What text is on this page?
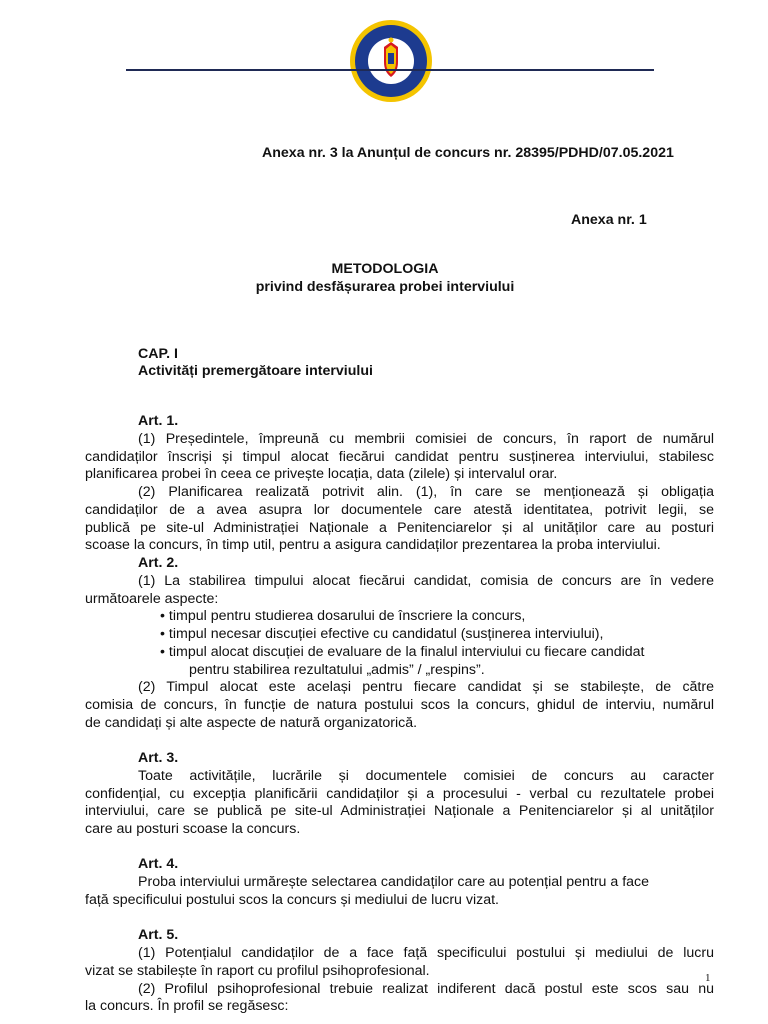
Anexa nr. 3 la Anunțul de concurs nr. 28395/PDHD/07.05.2021
Anexa nr. 1
METODOLOGIA
privind desfășurarea probei interviului
CAP. I
Activități premergătoare interviului
Art. 1.
(1) Președintele, împreună cu membrii comisiei de concurs, în raport de numărul
candidaților înscriși și timpul alocat fiecărui candidat pentru susținerea interviului, stabilesc
planificarea probei în ceea ce privește locația, data (zilele) și intervalul orar.
(2) Planificarea realizată potrivit alin. (1), în care se menționează și obligația
candidaților de a avea asupra lor documentele care atestă identitatea, potrivit legii, se
publică pe site-ul Administrației Naționale a Penitenciarelor și al unităților care au posturi
scoase la concurs, în timp util, pentru a asigura candidaților prezentarea la proba interviului.
Art. 2.
(1) La stabilirea timpului alocat fiecărui candidat, comisia de concurs are în vedere
următoarele aspecte:
• timpul pentru studierea dosarului de înscriere la concurs,
• timpul necesar discuției efective cu candidatul (susținerea interviului),
• timpul alocat discuției de evaluare de la finalul interviului cu fiecare candidat
pentru stabilirea rezultatului „admis” / „respins”.
(2) Timpul alocat este același pentru fiecare candidat și se stabilește, de către
comisia de concurs, în funcție de natura postului scos la concurs, ghidul de interviu, numărul
de candidați și alte aspecte de natură organizatorică.
Art. 3.
Toate activitățile, lucrările și documentele comisiei de concurs au caracter
confidențial, cu excepția planificării candidaților și a procesului - verbal cu rezultatele probei
interviului, care se publică pe site-ul Administrației Naționale a Penitenciarelor și al unităților
care au posturi scoase la concurs.
Art. 4.
Proba interviului urmărește selectarea candidaților care au potențial pentru a face
față specificului postului scos la concurs și mediului de lucru vizat.
Art. 5.
(1) Potențialul candidaților de a face față specificului postului și mediului de lucru
vizat se stabilește în raport cu profilul psihoprofesional.
(2) Profilul psihoprofesional trebuie realizat indiferent dacă postul este scos sau nu
la concurs. În profil se regăsesc:
1
